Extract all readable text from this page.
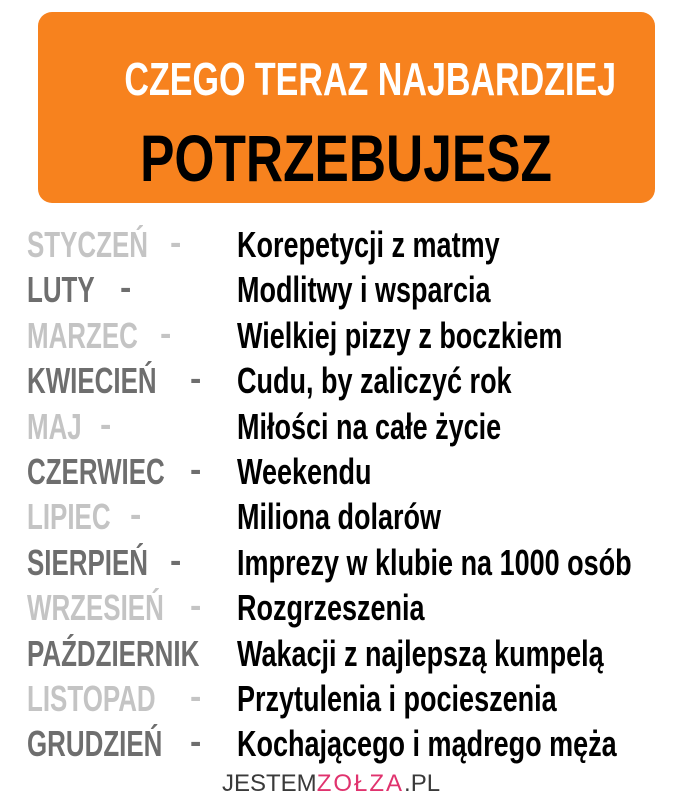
CZEGO TERAZ NAJBARDZIEJ
POTRZEBUJESZ
STYCZEŃ - Korepetycji z matmy
LUTY -	Modlitwy i wsparcia
MARZEC - Wielkiej pizzy z boczkiem
KWIECIEŃ - Cudu, by zaliczyć rok
MAJ -	Miłości na całe życie
CZERWIEC - Weekendu
LIPIEC -	Miliona dolarów
SIERPIEŃ - Imprezy w klubie na 1000 osób
WRZESIEŃ - Rozgrzeszenia
PAŹDZIERNIK Wakacji z najlepszą kumpelą
LISTOPAD - Przytulenia i pocieszenia
GRUDZIEŃ - Kochającego i mądrego męża
JESTEMZOŁZA.PL
